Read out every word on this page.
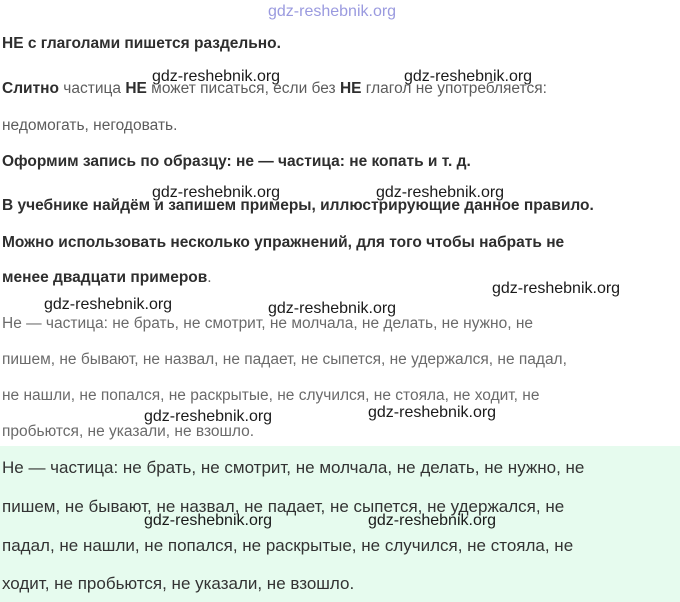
НЕ с глаголами пишется раздельно.

Слитно частица НЕ может писаться, если без НЕ глагол не употребляется:

недомогать, негодовать.

Оформим запись по образцу: не — частица: не копать и т. д.

В учебнике найдём и запишем примеры, иллюстрирующие данное правило.

Можно использовать несколько упражнений, для того чтобы набрать не

менее двадцати примеров.

Не — частица: не брать, не смотрит, не молчала, не делать, не нужно, не

пишем, не бывают, не назвал, не падает, не сыпется, не удержался, не падал,

не нашли, не попался, не раскрытые, не случился, не стояла, не ходит, не

пробьются, не указали, не взошло.

Не — частица: не брать, не смотрит, не молчала, не делать, не нужно, не

пишем, не бывают, не назвал, не падает, не сыпется, не удержался, не

падал, не нашли, не попался, не раскрытые, не случился, не стояла, не

ходит, не пробьются, не указали, не взошло.

gdz-reshebnik.org
gdz-reshebnik.org	gdz-reshebnik.org
gdz-reshebnik.org	gdz-reshebnik.org
gdz-reshebnik.org
gdz-reshebnik.org	gdz-reshebnik.org
gdz-reshebnik.org	gdz-reshebnik.org
gdz-reshebnik.org	gdz-reshebnik.org
